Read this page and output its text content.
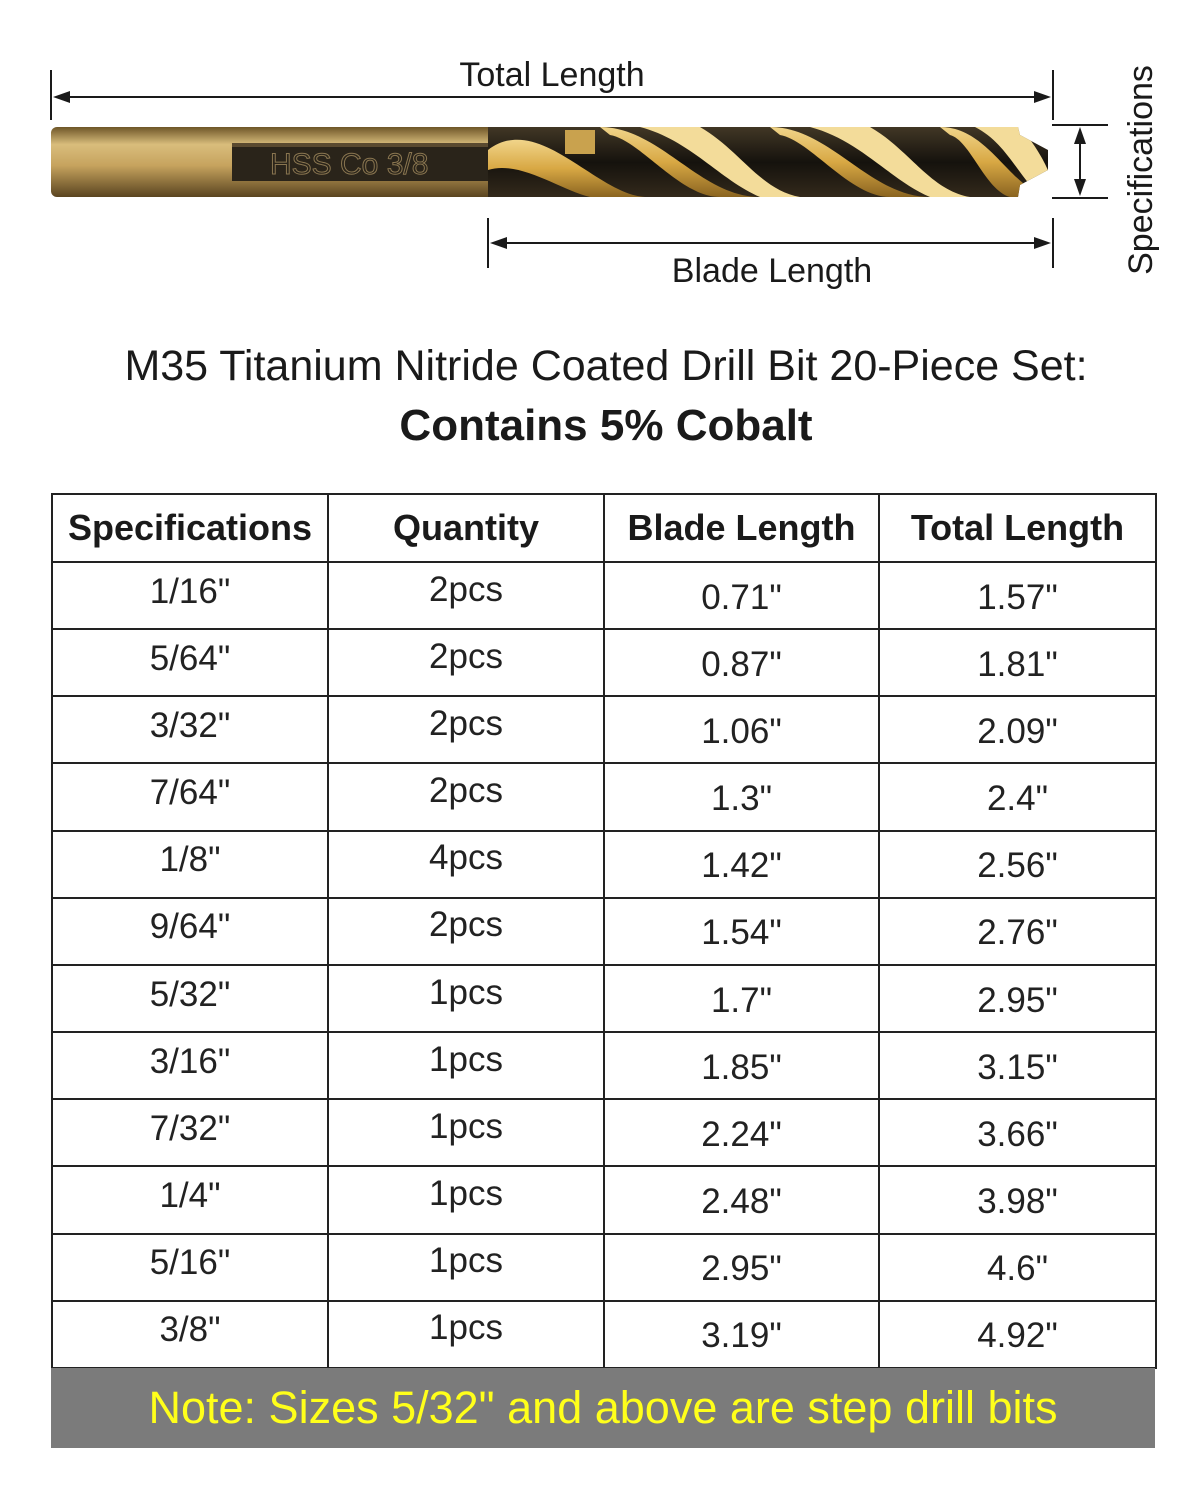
Total Length
Blade Length	Specifications
HSS Co 3/8
M35 Titanium Nitride Coated Drill Bit 20-Piece Set:
Contains 5% Cobalt
Specifications	Quantity	Blade Length	Total Length
1/16"	2pcs	0.71"	1.57"
5/64"	2pcs	0.87"	1.81"
3/32"	2pcs	1.06"	2.09"
7/64"	2pcs	1.3"	2.4"
1/8"	4pcs	1.42"	2.56"
9/64"	2pcs	1.54"	2.76"
5/32"	1pcs	1.7"	2.95"
3/16"	1pcs	1.85"	3.15"
7/32"	1pcs	2.24"	3.66"
1/4"	1pcs	2.48"	3.98"
5/16"	1pcs	2.95"	4.6"
3/8"	1pcs	3.19"	4.92"
Note: Sizes 5/32" and above are step drill bits
